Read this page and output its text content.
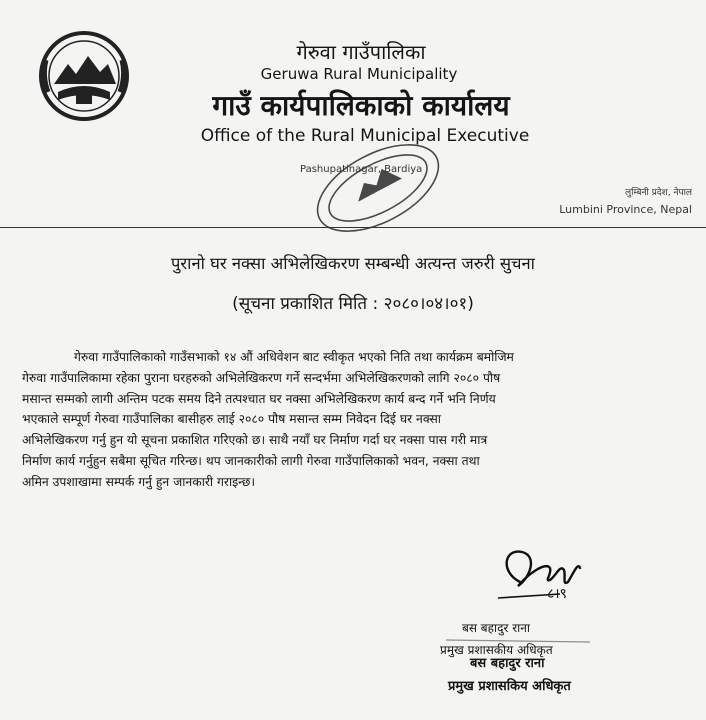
गेरुवा गाउँपालिका
Geruwa Rural Municipality
गाउँ कार्यपालिकाको कार्यालय
Office of the Rural Municipal Executive
Pashupatinagar, Bardiya
लुम्बिनी प्रदेश, नेपाल
Lumbini Province, Nepal
पुरानो घर नक्सा अभिलेखिकरण सम्बन्धी अत्यन्त जरुरी सुचना
(सूचना प्रकाशित मिति : २०८०।०४।०१)
गेरुवा गाउँपालिकाको गाउँसभाको १४ औं अधिवेशन बाट स्वीकृत भएको निति तथा कार्यक्रम बमोजिम
गेरुवा गाउँपालिकामा रहेका पुराना घरहरुको अभिलेखिकरण गर्ने सन्दर्भमा अभिलेखिकरणको लागि २०८० पौष
मसान्त सम्मको लागी अन्तिम पटक समय दिने तत्पश्चात घर नक्सा अभिलेखिकरण कार्य बन्द गर्ने भनि निर्णय
भएकाले सम्पूर्ण गेरुवा गाउँपालिका बासीहरु लाई २०८० पौष मसान्त सम्म निवेदन दिई घर नक्सा
अभिलेखिकरण गर्नु हुन यो सूचना प्रकाशित गरिएको छ। साथै नयाँ घर निर्माण गर्दा घर नक्सा पास गरी मात्र
निर्माण कार्य गर्नुहुन सबैमा सूचित गरिन्छ। थप जानकारीको लागी गेरुवा गाउँपालिकाको भवन, नक्सा तथा
अमिन उपशाखामा सम्पर्क गर्नु हुन जानकारी गराइन्छ।
८।९
बस बहादुर राना
प्रमुख प्रशासकीय अधिकृत
बस बहादुर राना
प्रमुख प्रशासकिय अधिकृत
